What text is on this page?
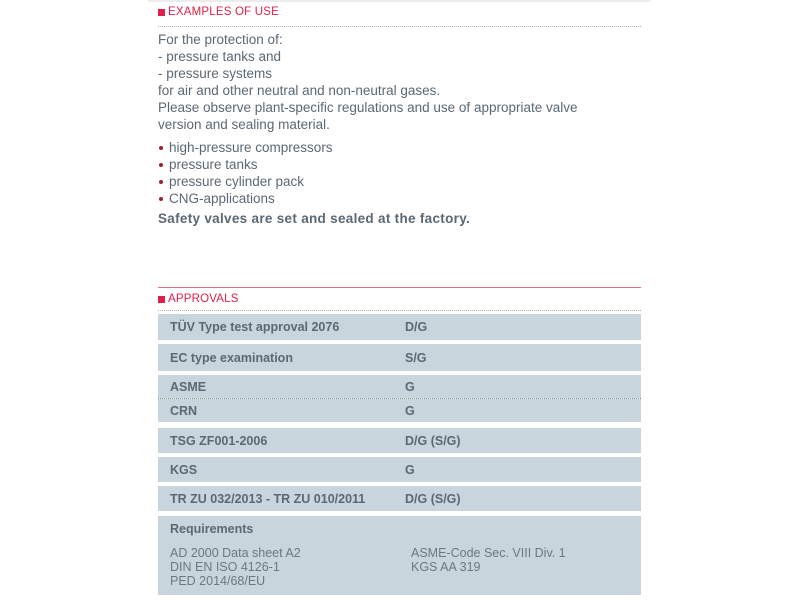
EXAMPLES OF USE
For the protection of:
- pressure tanks and
- pressure systems
for air and other neutral and non-neutral gases.
Please observe plant-specific regulations and use of appropriate valve
version and sealing material.
high-pressure compressors
pressure tanks
pressure cylinder pack
CNG-applications
Safety valves are set and sealed at the factory.
APPROVALS
TÜV Type test approval 2076	D/G
EC type examination	S/G
ASME	G
CRN	G
TSG ZF001-2006	D/G (S/G)
KGS	G
TR ZU 032/2013 - TR ZU 010/2011	D/G (S/G)
Requirements
AD 2000 Data sheet A2
DIN EN ISO 4126-1
PED 2014/68/EU
ASME-Code Sec. VIII Div. 1
KGS AA 319
